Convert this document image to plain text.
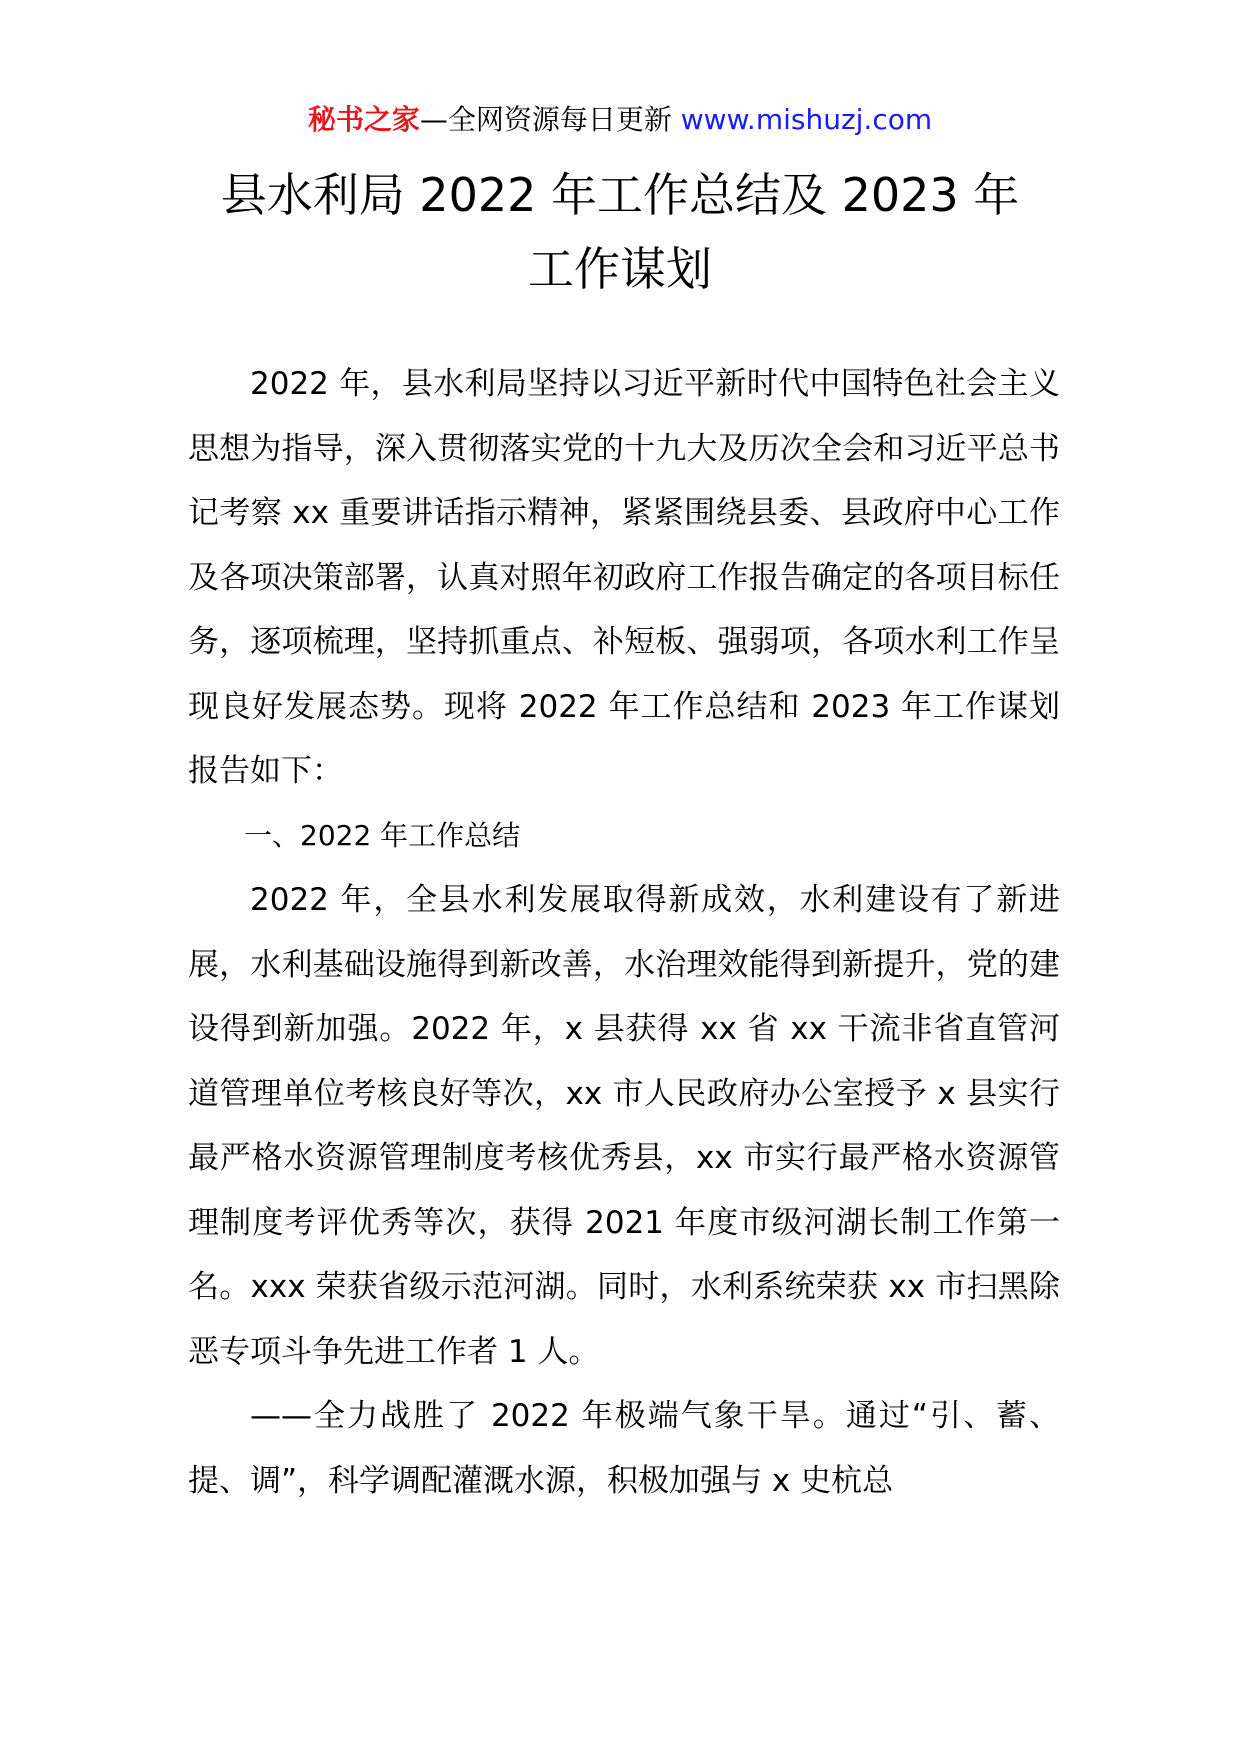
秘书之家—全网资源每日更新 www.mishuzj.com
县水利局 2022 年工作总结及 2023 年
工作谋划

2022 年，县水利局坚持以习近平新时代中国特色社会主义思想为指导，深入贯彻落实党的十九大及历次全会和习近平总书记考察 xx 重要讲话指示精神，紧紧围绕县委、县政府中心工作及各项决策部署，认真对照年初政府工作报告确定的各项目标任务，逐项梳理，坚持抓重点、补短板、强弱项，各项水利工作呈现良好发展态势。现将 2022 年工作总结和 2023 年工作谋划报告如下：

一、2022 年工作总结

2022 年，全县水利发展取得新成效，水利建设有了新进展，水利基础设施得到新改善，水治理效能得到新提升，党的建设得到新加强。2022 年，x 县获得 xx 省 xx 干流非省直管河道管理单位考核良好等次，xx 市人民政府办公室授予 x 县实行最严格水资源管理制度考核优秀县，xx 市实行最严格水资源管理制度考评优秀等次，获得 2021 年度市级河湖长制工作第一名。xxx 荣获省级示范河湖。同时，水利系统荣获 xx 市扫黑除恶专项斗争先进工作者 1 人。

——全力战胜了 2022 年极端气象干旱。通过“引、蓄、提、调”，科学调配灌溉水源，积极加强与 x 史杭总
